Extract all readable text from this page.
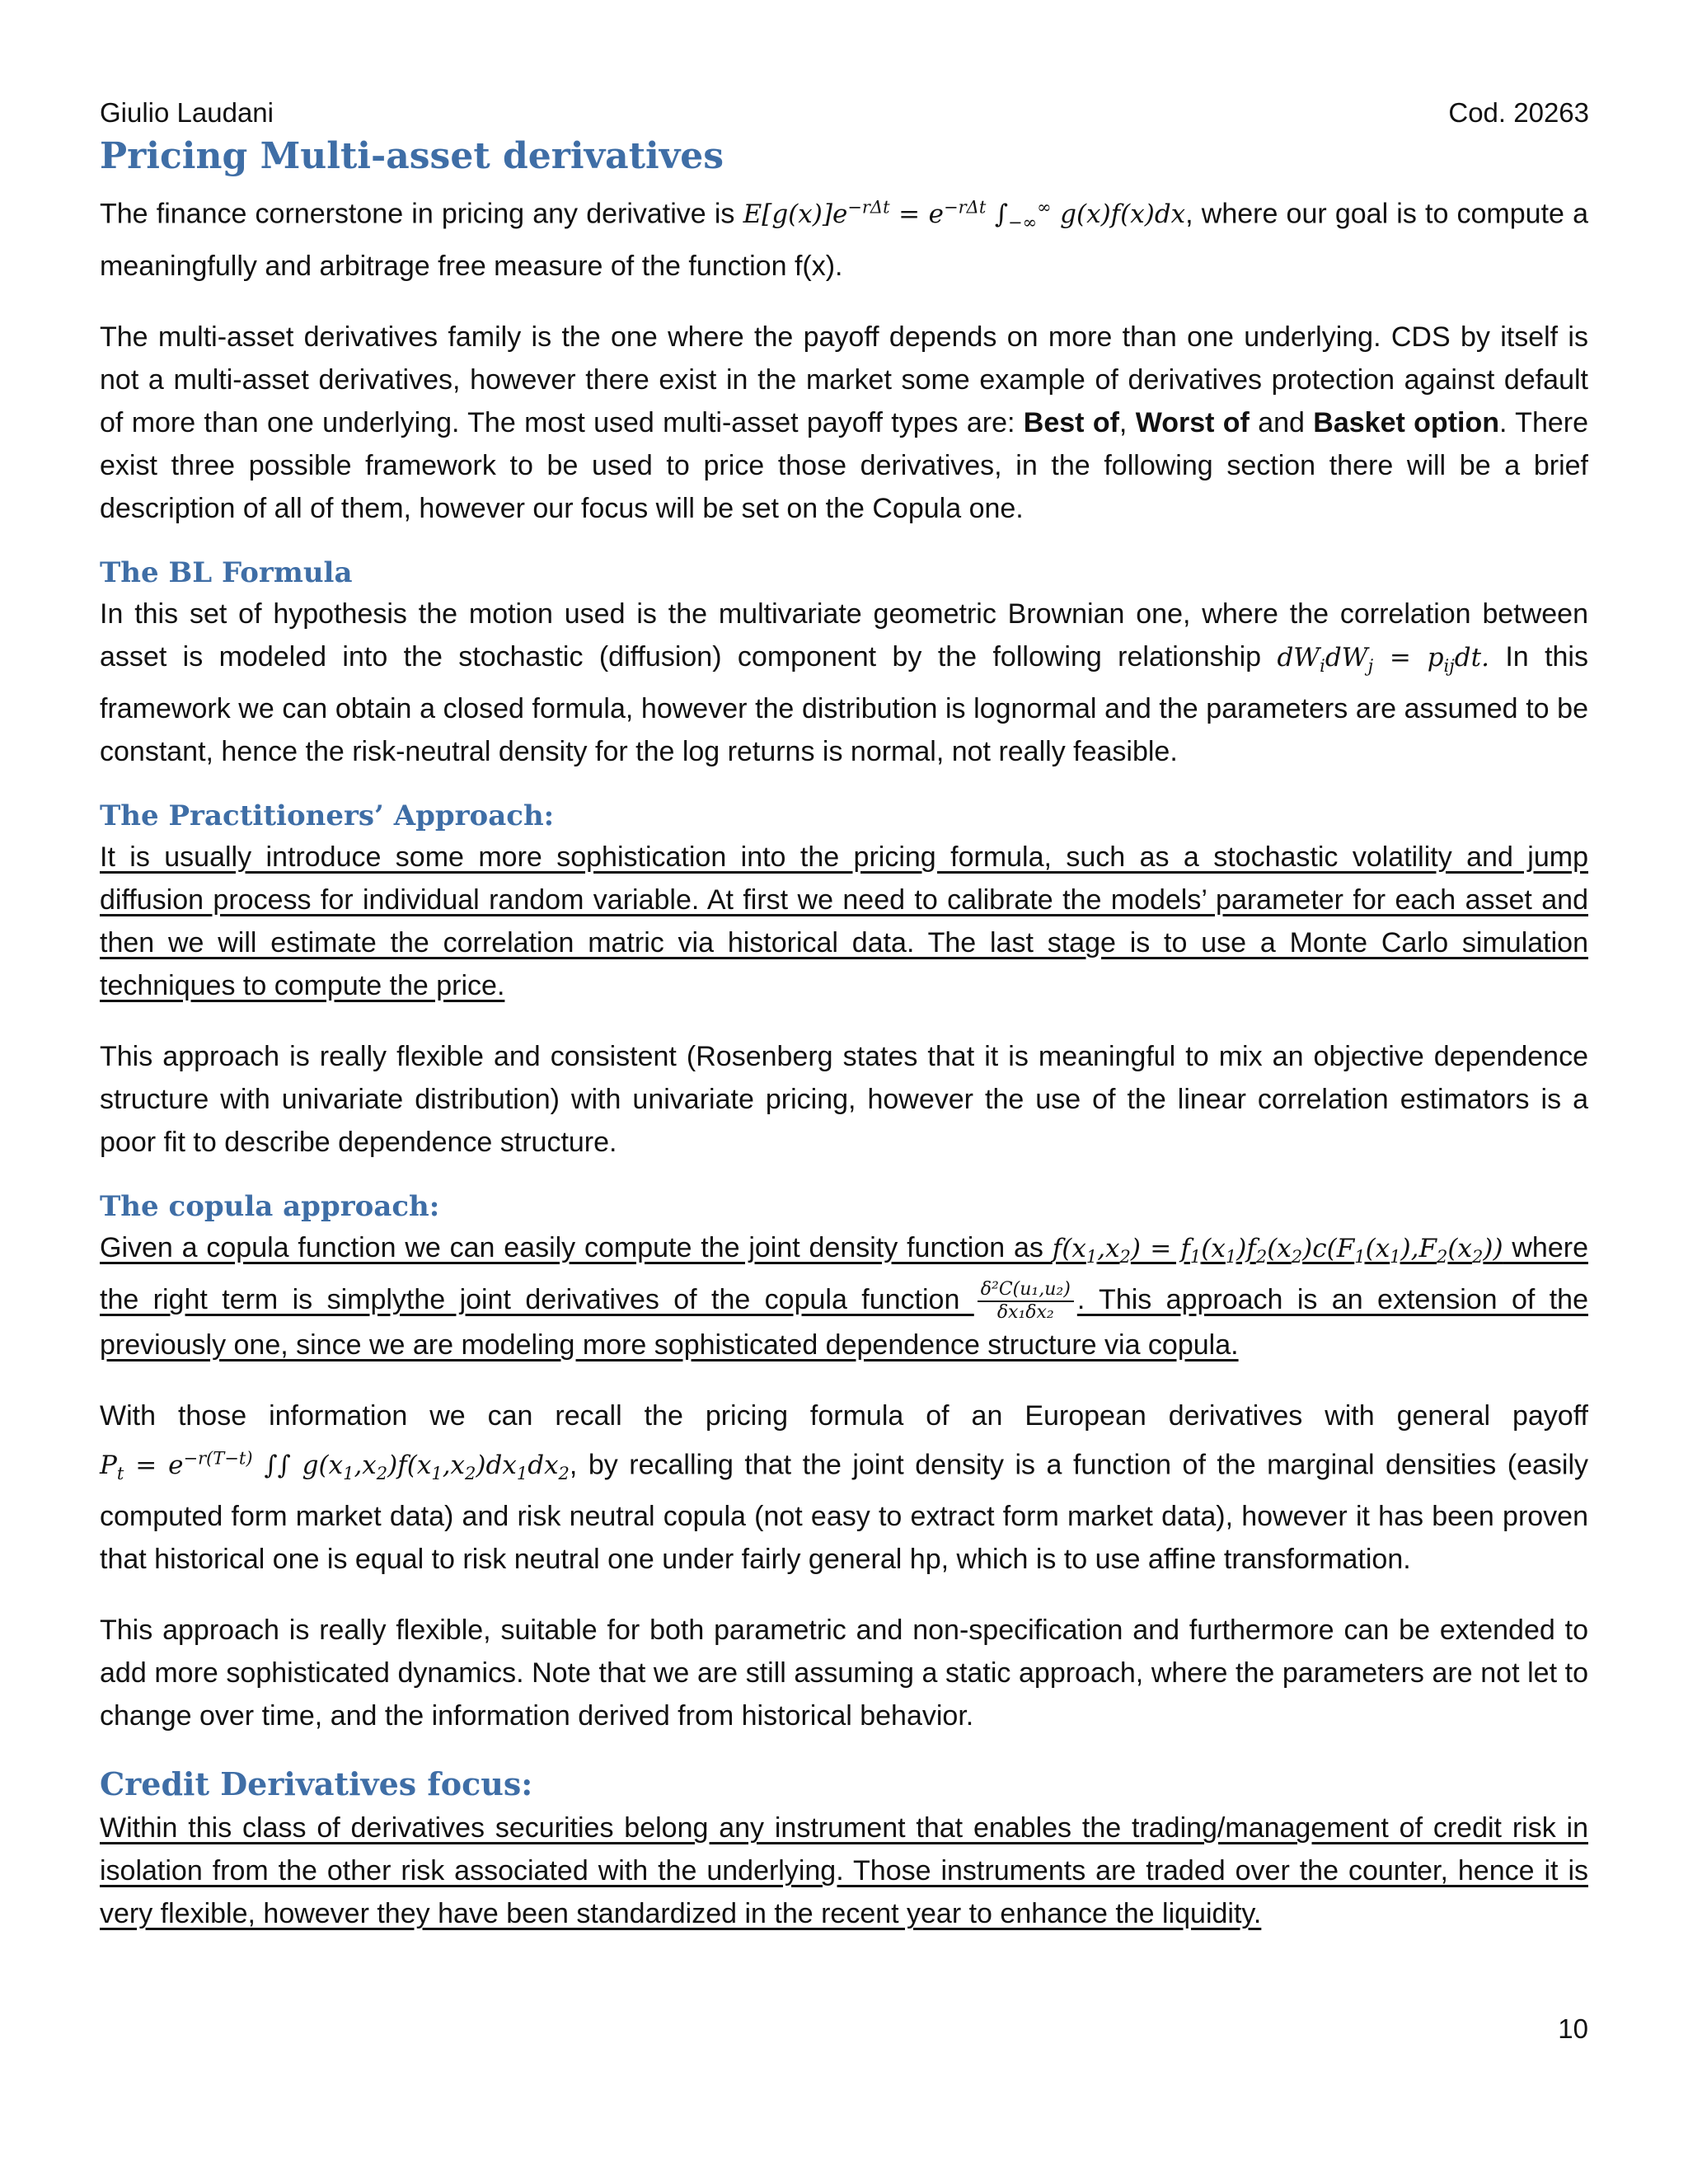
Giulio Laudani	Cod. 20263
Pricing Multi-asset derivatives

The finance cornerstone in pricing any derivative is $E[g(x)]e^{-r\Delta t} = e^{-r\Delta t}$ $\int_{-\infty}^\infty$ g(x)f(x)dx, where our goal is to compute a meaningfully and arbitrage free measure of the function f(x).

The multi-asset derivatives family is the one where the payoff depends on more than one underlying. CDS by itself is not a multi-asset derivatives, however there exist in the market some example of derivatives protection against default of more than one underlying. The most used multi-asset payoff types are: Best of, Worst of and Basket option. There exist three possible framework to be used to price those derivatives, in the following section there will be a brief description of all of them, however our focus will be set on the Copula one.

The BL Formula

In this set of hypothesis the motion used is the multivariate geometric Brownian one, where the correlation between asset is modeled into the stochastic (diffusion) component by the following relationship $dW_idW_j = p_{ij}dt$. In this framework we can obtain a closed formula, however the distribution is lognormal and the parameters are assumed to be constant, hence the risk-neutral density for the log returns is normal, not really feasible.

The Practitioners’ Approach:

It is usually introduce some more sophistication into the pricing formula, such as a stochastic volatility and jump diffusion process for individual random variable. At first we need to calibrate the models’ parameter for each asset and then we will estimate the correlation matric via historical data. The last stage is to use a Monte Carlo simulation techniques to compute the price.

This approach is really flexible and consistent (Rosenberg states that it is meaningful to mix an objective dependence structure with univariate distribution) with univariate pricing, however the use of the linear correlation estimators is a poor fit to describe dependence structure.

The copula approach:

Given a copula function we can easily compute the joint density function as $f(x_1,x_2) = f_1(x_1)f_2(x_2)c(F_1(x_1),F_2(x_2))$ where the right term is simplythe joint derivatives of the copula function $\frac{\text{δ²C(u₁,u₂)}}{\text{δx₁δx₂}}$ . This approach is an extension of the previously one, since we are modeling more sophisticated dependence structure via copula.

With those information we can recall the pricing formula of an European derivatives with general payoff $P_t = e^{-r(T-t)}$ ∫∫ $g(x_1,x_2)f(x_1,x_2)dx_1dx_2$, by recalling that the joint density is a function of the marginal densities (easily computed form market data) and risk neutral copula (not easy to extract form market data), however it has been proven that historical one is equal to risk neutral one under fairly general hp, which is to use affine transformation.

This approach is really flexible, suitable for both parametric and non-specification and furthermore can be extended to add more sophisticated dynamics. Note that we are still assuming a static approach, where the parameters are not let to change over time, and the information derived from historical behavior.

Credit Derivatives focus:

Within this class of derivatives securities belong any instrument that enables the trading/management of credit risk in isolation from the other risk associated with the underlying. Those instruments are traded over the counter, hence it is very flexible, however they have been standardized in the recent year to enhance the liquidity.

10
